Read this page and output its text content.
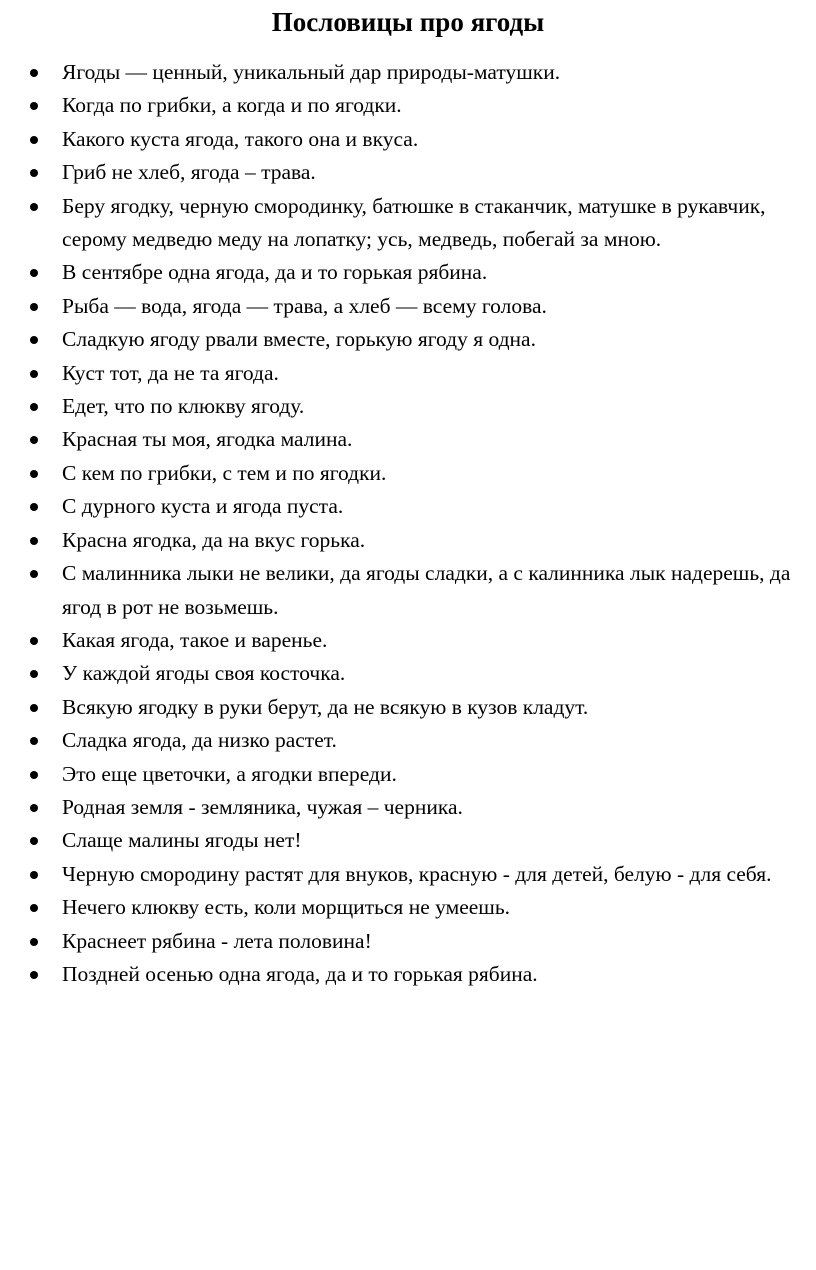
Пословицы про ягоды
Ягоды — ценный, уникальный дар природы-матушки.
Когда по грибки, а когда и по ягодки.
Какого куста ягода, такого она и вкуса.
Гриб не хлеб, ягода – трава.
Беру ягодку, черную смородинку, батюшке в стаканчик, матушке в рукавчик, серому медведю меду на лопатку; усь, медведь, побегай за мною.
В сентябре одна ягода, да и то горькая рябина.
Рыба — вода, ягода — трава, а хлеб — всему голова.
Сладкую ягоду рвали вместе, горькую ягоду я одна.
Куст тот, да не та ягода.
Едет, что по клюкву ягоду.
Красная ты моя, ягодка малина.
С кем по грибки, с тем и по ягодки.
С дурного куста и ягода пуста.
Красна ягодка, да на вкус горька.
С малинника лыки не велики, да ягоды сладки, а с калинника лык надерешь, да ягод в рот не возьмешь.
Какая ягода, такое и варенье.
У каждой ягоды своя косточка.
Всякую ягодку в руки берут, да не всякую в кузов кладут.
Сладка ягода, да низко растет.
Это еще цветочки, а ягодки впереди.
Родная земля - земляника, чужая – черника.
Слаще малины ягоды нет!
Черную смородину растят для внуков, красную - для детей, белую - для себя.
Нечего клюкву есть, коли морщиться не умеешь.
Краснеет рябина - лета половина!
Поздней осенью одна ягода, да и то горькая рябина.
